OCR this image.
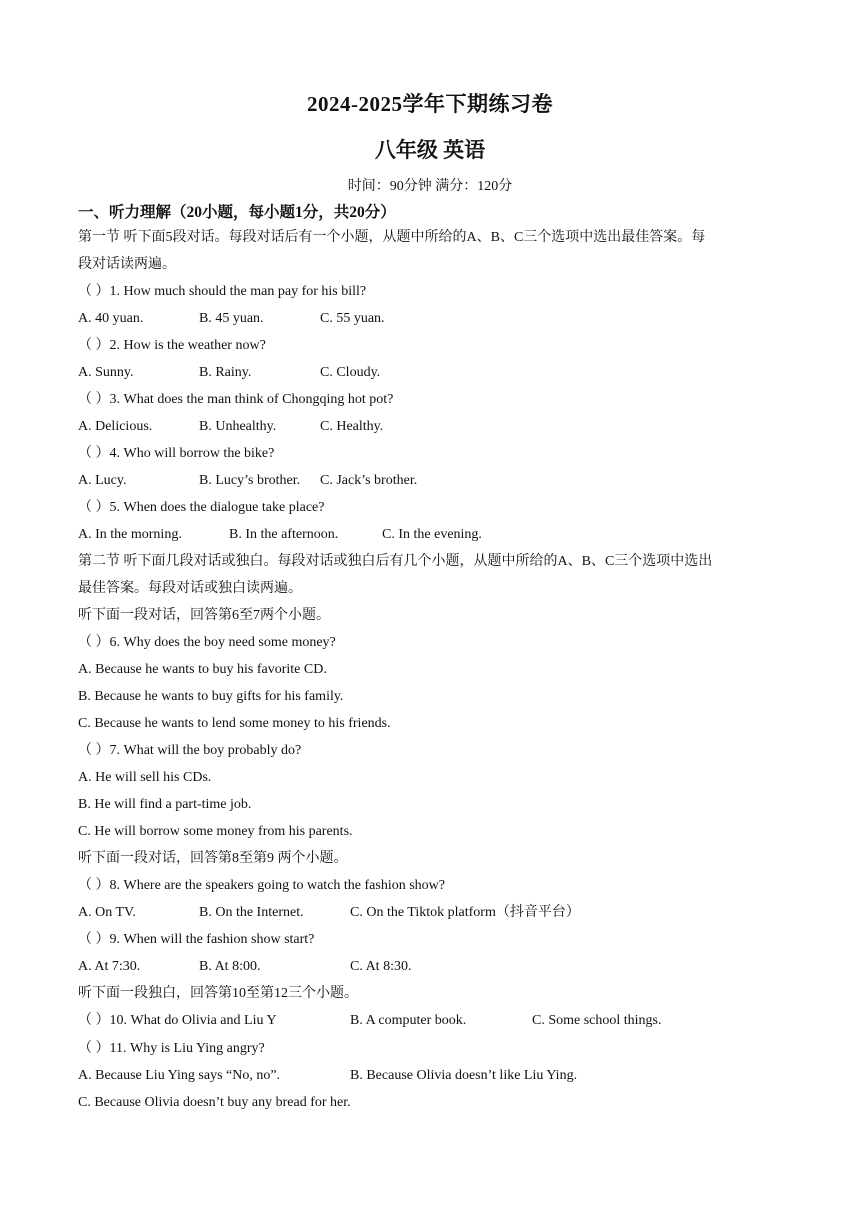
2024-2025学年下期练习卷
八年级 英语
时间：90分钟 满分：120分
一、听力理解（20小题，每小题1分，共20分）
第一节 听下面5段对话。每段对话后有一个小题，从题中所给的A、B、C三个选项中选出最佳答案。每
段对话读两遍。
（ ）1. How much should the man pay for his bill?
A. 40 yuan.	B. 45 yuan.	C. 55 yuan.
（ ）2. How is the weather now?
A. Sunny.	B. Rainy.	C. Cloudy.
（ ）3. What does the man think of Chongqing hot pot?
A. Delicious.	B. Unhealthy.	C. Healthy.
（ ）4. Who will borrow the bike?
A. Lucy.	B. Lucy’s brother. C. Jack’s brother.
（ ）5. When does the dialogue take place?
A. In the morning.	B. In the afternoon.	C. In the evening.
第二节 听下面几段对话或独白。每段对话或独白后有几个小题，从题中所给的A、B、C三个选项中选出
最佳答案。每段对话或独白读两遍。
听下面一段对话，回答第6至7两个小题。
（ ）6. Why does the boy need some money?
A. Because he wants to buy his favorite CD.
B. Because he wants to buy gifts for his family.
C. Because he wants to lend some money to his friends.
（ ）7. What will the boy probably do?
A. He will sell his CDs.
B. He will find a part-time job.
C. He will borrow some money from his parents.
听下面一段对话，回答第8至第9 两个小题。
（ ）8. Where are the speakers going to watch the fashion show?
A. On TV.	B. On the Internet.	C. On the Tiktok platform（抖音平台）
（ ）9. When will the fashion show start?
A. At 7:30.	B. At 8:00.	C. At 8:30.
听下面一段独白，回答第10至第12三个小题。
（ ）10. What do Olivia and Liu Y	B. A computer book.	C. Some school things.
（ ）11. Why is Liu Ying angry?
A. Because Liu Ying says “No, no”.	B. Because Olivia doesn’t like Liu Ying.
C. Because Olivia doesn’t buy any bread for her.
